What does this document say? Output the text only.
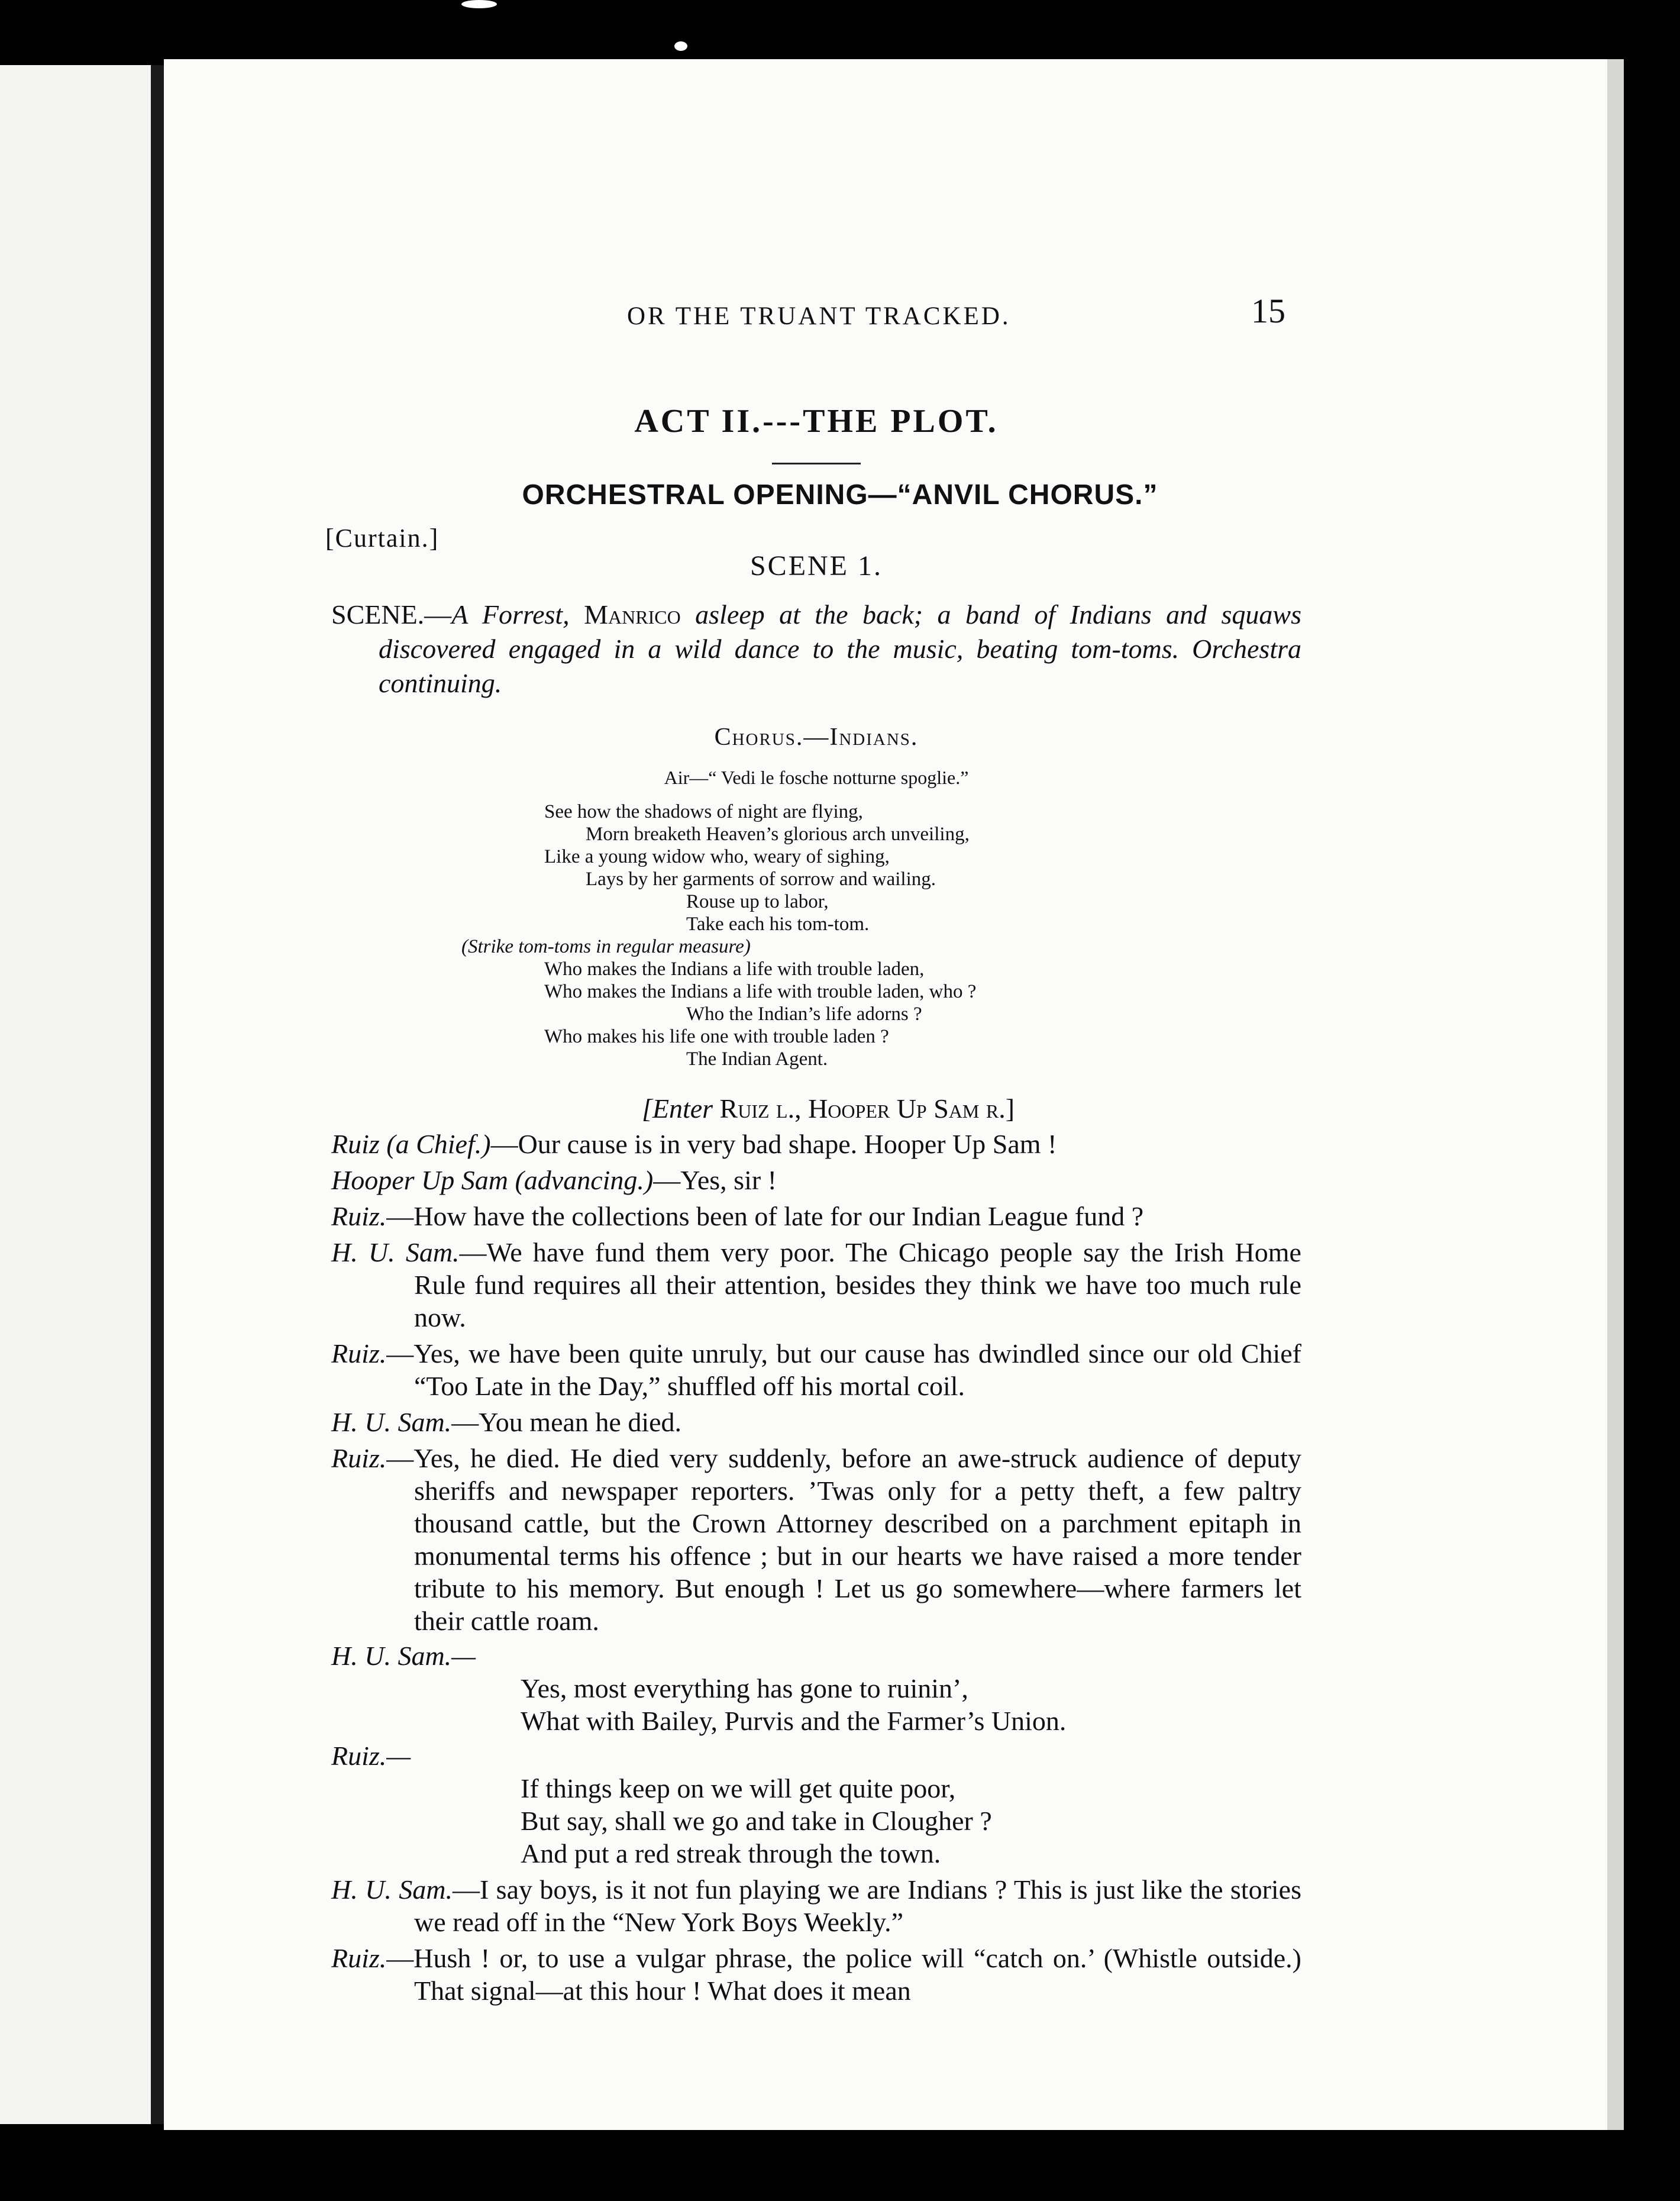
OR THE TRUANT TRACKED.	15
ACT II.---THE PLOT.
ORCHESTRAL OPENING—“ANVIL CHORUS.”
[Curtain.]
SCENE 1.
SCENE.—A Forrest, Manrico asleep at the back; a band of Indians and squaws discovered engaged in a wild dance to the music, beating tom-toms. Orchestra continuing.
Chorus.—Indians.
Air—“ Vedi le fosche notturne spoglie.”
See how the shadows of night are flying,
Morn breaketh Heaven’s glorious arch unveiling,
Like a young widow who, weary of sighing,
Lays by her garments of sorrow and wailing.
Rouse up to labor,
Take each his tom-tom.
(Strike tom-toms in regular measure)
Who makes the Indians a life with trouble laden,
Who makes the Indians a life with trouble laden, who ?
Who the Indian’s life adorns ?
Who makes his life one with trouble laden ?
The Indian Agent.
[Enter Ruiz l., Hooper Up Sam r.]
Ruiz (a Chief.)—Our cause is in very bad shape. Hooper Up Sam !
Hooper Up Sam (advancing.)—Yes, sir !
Ruiz.—How have the collections been of late for our Indian League fund ?
H. U. Sam.—We have fund them very poor. The Chicago people say the Irish Home Rule fund requires all their attention, besides they think we have too much rule now.
Ruiz.—Yes, we have been quite unruly, but our cause has dwindled since our old Chief “Too Late in the Day,” shuffled off his mortal coil.
H. U. Sam.—You mean he died.
Ruiz.—Yes, he died. He died very suddenly, before an awe-struck audience of deputy sheriffs and newspaper reporters. ’Twas only for a petty theft, a few paltry thousand cattle, but the Crown Attorney described on a parchment epitaph in monumental terms his offence ; but in our hearts we have raised a more tender tribute to his memory. But enough ! Let us go somewhere—where farmers let their cattle roam.
H. U. Sam.—
Yes, most everything has gone to ruinin’,
What with Bailey, Purvis and the Farmer’s Union.
Ruiz.—
If things keep on we will get quite poor,
But say, shall we go and take in Clougher ?
And put a red streak through the town.
H. U. Sam.—I say boys, is it not fun playing we are Indians ? This is just like the stories we read off in the “New York Boys Weekly.”
Ruiz.—Hush ! or, to use a vulgar phrase, the police will “catch on.’ (Whistle outside.) That signal—at this hour ! What does it mean
